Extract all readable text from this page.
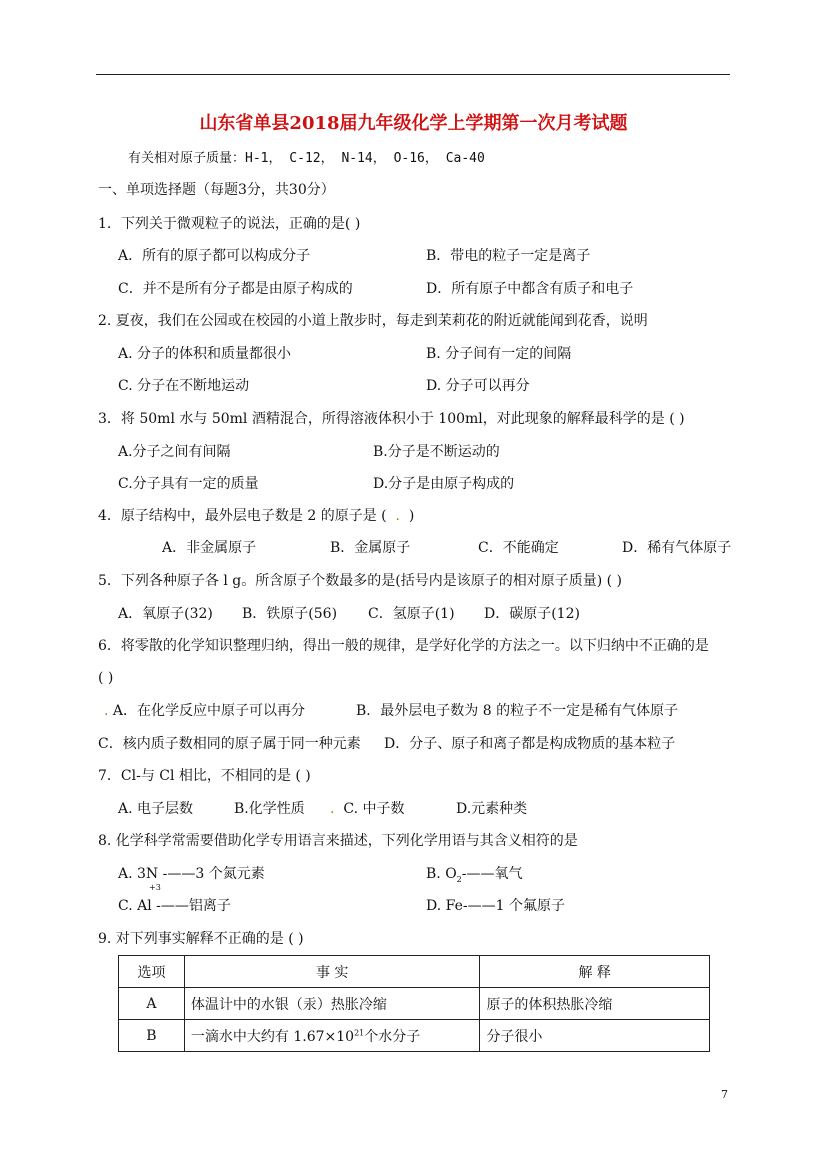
山东省单县2018届九年级化学上学期第一次月考试题
有关相对原子质量：H-1， C-12， N-14， O-16， Ca-40
一、单项选择题（每题3分，共30分）
1．下列关于微观粒子的说法，正确的是( )
A．所有的原子都可以构成分子	B．带电的粒子一定是离子
C．并不是所有分子都是由原子构成的	D．所有原子中都含有质子和电子
2. 夏夜，我们在公园或在校园的小道上散步时，每走到茉莉花的附近就能闻到花香，说明
A. 分子的体积和质量都很小	B. 分子间有一定的间隔
C. 分子在不断地运动	D. 分子可以再分
3．将 50ml 水与 50ml 酒精混合，所得溶液体积小于 100ml，对此现象的解释最科学的是 ( )
A.分子之间有间隔	B.分子是不断运动的
C.分子具有一定的质量	D.分子是由原子构成的
4．原子结构中，最外层电子数是 2 的原子是 ( . )
A．非金属原子	B．金属原子	C．不能确定	D．稀有气体原子
5．下列各种原子各 l g。所含原子个数最多的是(括号内是该原子的相对原子质量) ( )
A．氧原子(32) B．铁原子(56) C．氢原子(1) D．碳原子(12)
6．将零散的化学知识整理归纳，得出一般的规律，是学好化学的方法之一。以下归纳中不正确的是
( )
. A．在化学反应中原子可以再分	B．最外层电子数为 8 的粒子不一定是稀有气体原子
C．核内质子数相同的原子属于同一种元素 D．分子、原子和离子都是构成物质的基本粒子
7．Cl-与 Cl 相比，不相同的是 ( )
A. 电子层数	B.化学性质 . C. 中子数	D.元素种类
8. 化学科学常需要借助化学专用语言来描述，下列化学用语与其含义相符的是
A. 3N -——3 个氮元素	B. $O_2-——$氧气
+3
C. Al -——铝离子	D. Fe-——1 个氟原子
9. 对下列事实解释不正确的是 ( )
选项	事 实	解 释
A	体温计中的水银（汞）热胀冷缩	原子的体积热胀冷缩
B	一滴水中大约有 $1.67\times 10^{21}$个水分子	分子很小
7
